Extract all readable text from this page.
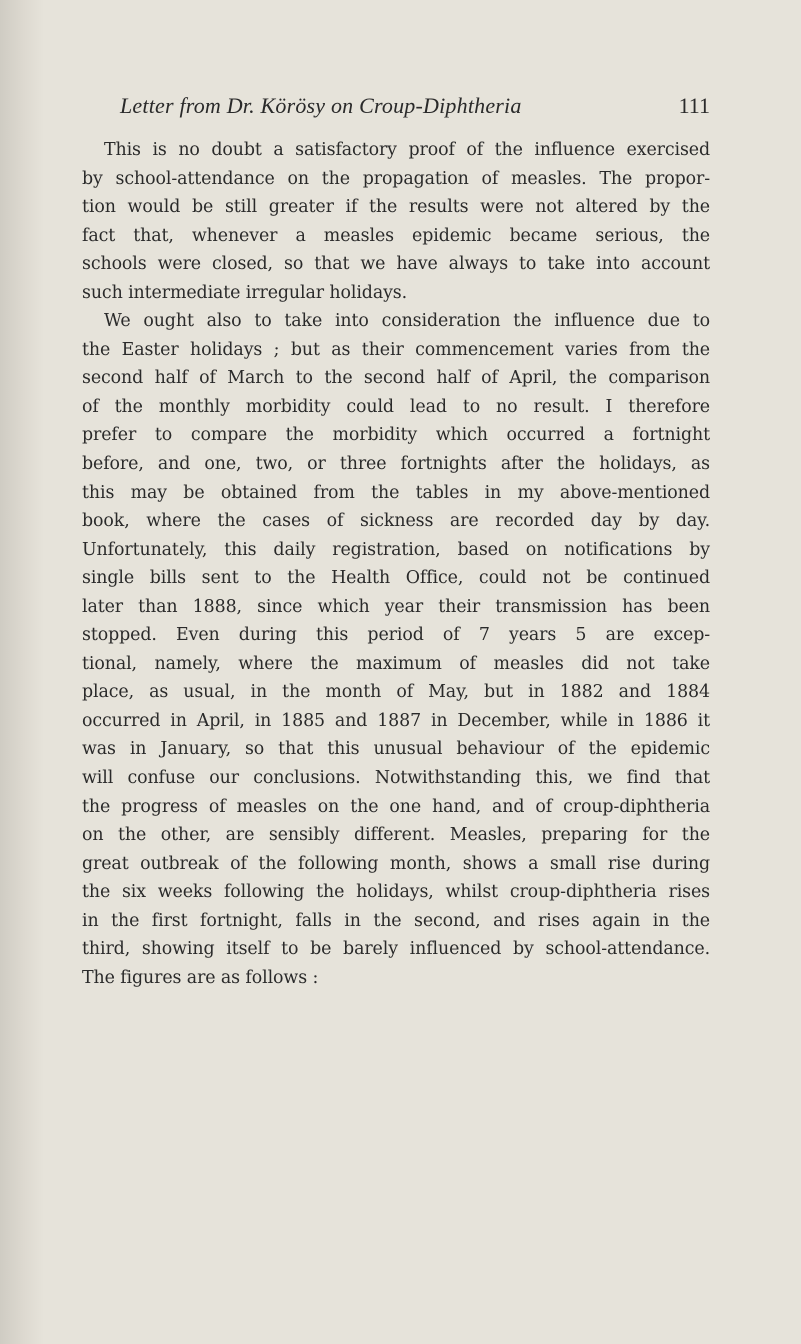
Letter from Dr. Körösy on Croup-Diphtheria	111
This is no doubt a satisfactory proof of the influence exercised
by school-attendance on the propagation of measles. The propor-
tion would be still greater if the results were not altered by the
fact that, whenever a measles epidemic became serious, the
schools were closed, so that we have always to take into account
such intermediate irregular holidays.
We ought also to take into consideration the influence due to
the Easter holidays ; but as their commencement varies from the
second half of March to the second half of April, the comparison
of the monthly morbidity could lead to no result. I therefore
prefer to compare the morbidity which occurred a fortnight
before, and one, two, or three fortnights after the holidays, as
this may be obtained from the tables in my above-mentioned
book, where the cases of sickness are recorded day by day.
Unfortunately, this daily registration, based on notifications by
single bills sent to the Health Office, could not be continued
later than 1888, since which year their transmission has been
stopped. Even during this period of 7 years 5 are excep-
tional, namely, where the maximum of measles did not take
place, as usual, in the month of May, but in 1882 and 1884
occurred in April, in 1885 and 1887 in December, while in 1886 it
was in January, so that this unusual behaviour of the epidemic
will confuse our conclusions. Notwithstanding this, we find that
the progress of measles on the one hand, and of croup-diphtheria
on the other, are sensibly different. Measles, preparing for the
great outbreak of the following month, shows a small rise during
the six weeks following the holidays, whilst croup-diphtheria rises
in the first fortnight, falls in the second, and rises again in the
third, showing itself to be barely influenced by school-attendance.
The figures are as follows :
